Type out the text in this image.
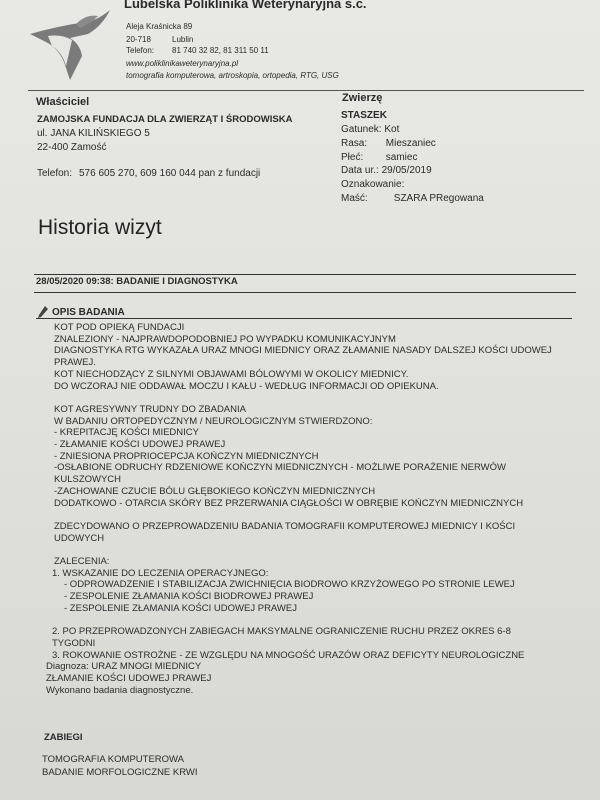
Lubelska Poliklinika Weterynaryjna s.c.
Aleja Kraśnicka 89
20-718	Lublin
Telefon: 81 740 32 82, 81 311 50 11
www.poliklinikaweterynaryjna.pl
tomografia komputerowa, artroskopia, ortopedia, RTG, USG
Właściciel
ZAMOJSKA FUNDACJA DLA ZWIERZĄT I ŚRODOWISKA
ul. JANA KILIŃSKIEGO 5
22-400 Zamość
Telefon: 576 605 270, 609 160 044 pan z fundacji
Zwierzę
STASZEK
Gatunek: Kot
Rasa: Mieszaniec
Płeć: samiec
Data ur.: 29/05/2019
Oznakowanie:
Maść:	SZARA PRegowana
Historia wizyt
28/05/2020 09:38: BADANIE I DIAGNOSTYKA
OPIS BADANIA
KOT POD OPIEKĄ FUNDACJI
ZNALEZIONY - NAJPRAWDOPODOBNIEJ PO WYPADKU KOMUNIKACYJNYM
DIAGNOSTYKA RTG WYKAZAŁA URAZ MNOGI MIEDNICY ORAZ ZŁAMANIE NASADY DALSZEJ KOŚCI UDOWEJ
PRAWEJ.
KOT NIECHODZĄCY Z SILNYMI OBJAWAMI BÓLOWYMI W OKOLICY MIEDNICY.
DO WCZORAJ NIE ODDAWAŁ MOCZU I KAŁU - WEDŁUG INFORMACJI OD OPIEKUNA.
KOT AGRESYWNY TRUDNY DO ZBADANIA
W BADANIU ORTOPEDYCZNYM / NEUROLOGICZNYM STWIERDZONO:
- KREPITACJĘ KOŚCI MIEDNICY
- ZŁAMANIE KOŚCI UDOWEJ PRAWEJ
- ZNIESIONA PROPRIOCEPCJA KOŃCZYN MIEDNICZNYCH
-OSŁABIONE ODRUCHY RDZENIOWE KOŃCZYN MIEDNICZNYCH - MOŻLIWE PORAŻENIE NERWÓW
KULSZOWYCH
-ZACHOWANE CZUCIE BÓLU GŁĘBOKIEGO KOŃCZYN MIEDNICZNYCH
DODATKOWO - OTARCIA SKÓRY BEZ PRZERWANIA CIĄGŁOŚCI W OBRĘBIE KOŃCZYN MIEDNICZNYCH
ZDECYDOWANO O PRZEPROWADZENIU BADANIA TOMOGRAFII KOMPUTEROWEJ MIEDNICY I KOŚCI
UDOWYCH
ZALECENIA:
1. WSKAZANIE DO LECZENIA OPERACYJNEGO:
- ODPROWADZENIE I STABILIZACJA ZWICHNIĘCIA BIODROWO KRZYŻOWEGO PO STRONIE LEWEJ
- ZESPOLENIE ZŁAMANIA KOŚCI BIODROWEJ PRAWEJ
- ZESPOLENIE ZŁAMANIA KOŚCI UDOWEJ PRAWEJ
2. PO PRZEPROWADZONYCH ZABIEGACH MAKSYMALNE OGRANICZENIE RUCHU PRZEZ OKRES 6-8
TYGODNI
3. ROKOWANIE OSTROŻNE - ZE WZGLĘDU NA MNOGOŚĆ URAZÓW ORAZ DEFICYTY NEUROLOGICZNE
Diagnoza: URAZ MNOGI MIEDNICY
ZŁAMANIE KOŚCI UDOWEJ PRAWEJ
Wykonano badania diagnostyczne.
ZABIEGI
TOMOGRAFIA KOMPUTEROWA
BADANIE MORFOLOGICZNE KRWI
